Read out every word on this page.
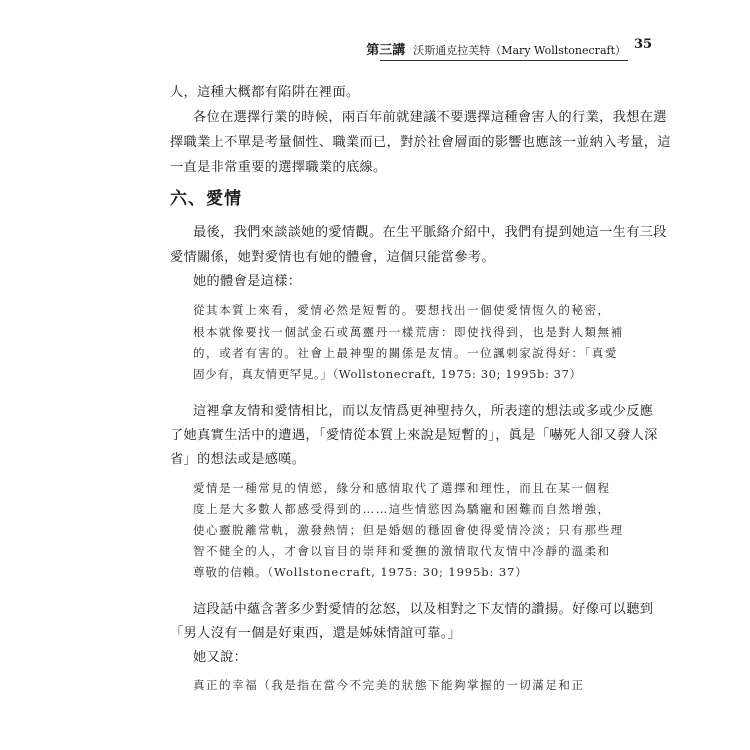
第三講 沃斯通克拉芙特（Mary Wollstonecraft） 35
人，這種大概都有陷阱在裡面。
各位在選擇行業的時候，兩百年前就建議不要選擇這種會害人的行業，我想在選
擇職業上不單是考量個性、職業而已，對於社會層面的影響也應該一並納入考量，這
一直是非常重要的選擇職業的底線。
六、愛情
最後，我們來談談她的愛情觀。在生平脈絡介紹中，我們有提到她這一生有三段
愛情關係，她對愛情也有她的體會，這個只能當參考。
她的體會是這樣：
從其本質上來看，愛情必然是短暫的。要想找出一個使愛情恆久的秘密，
根本就像要找一個試金石或萬靈丹一樣荒唐：即使找得到，也是對人類無補
的，或者有害的。社會上最神聖的關係是友情。一位諷刺家說得好：「真愛
固少有，真友情更罕見。」（Wollstonecraft, 1975: 30; 1995b: 37）
這裡拿友情和愛情相比，而以友情爲更神聖持久，所表達的想法或多或少反應
了她真實生活中的遭遇，「愛情從本質上來說是短暫的」，眞是「嚇死人卻又發人深
省」的想法或是感嘆。
愛情是一種常見的情慾，緣分和感情取代了選擇和理性，而且在某一個程
度上是大多數人都感受得到的……這些情慾因為驕寵和困難而自然增強，
使心靈脫離常軌，激發熱情；但是婚姻的穩固會使得愛情冷淡；只有那些理
智不健全的人，才會以盲目的崇拜和愛撫的激情取代友情中冷靜的溫柔和
尊敬的信賴。（Wollstonecraft, 1975: 30; 1995b: 37）
這段話中蘊含著多少對愛情的忿怒，以及相對之下友情的讚揚。好像可以聽到
「男人沒有一個是好東西，還是姊妹情誼可靠。」
她又說：
真正的幸福（我是指在當今不完美的狀態下能夠掌握的一切滿足和正
